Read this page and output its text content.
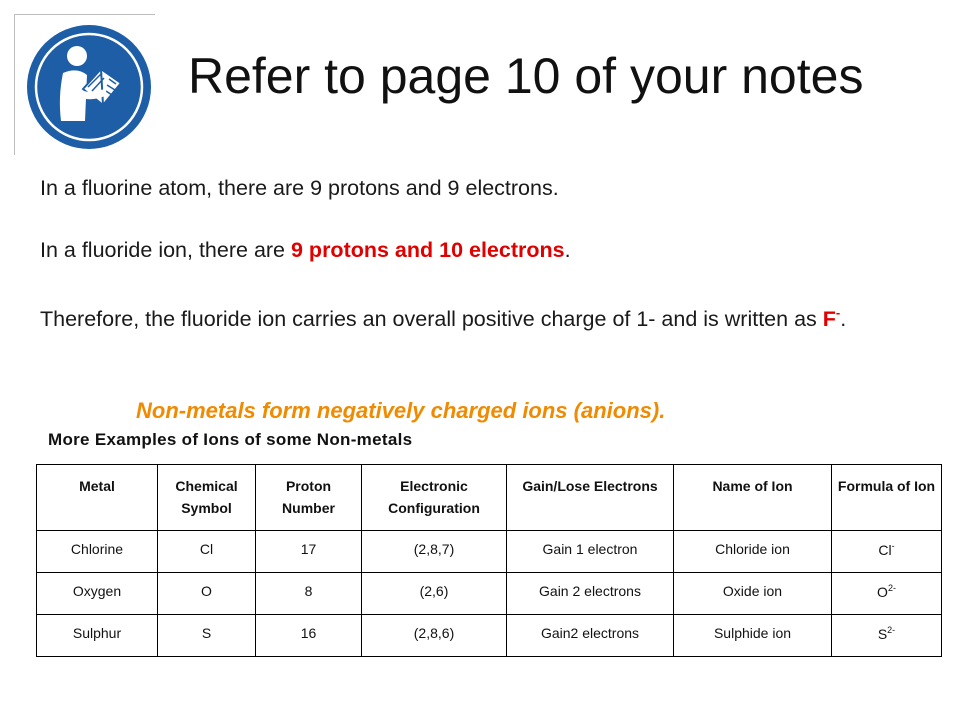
Refer to page 10 of your notes

In a fluorine atom, there are 9 protons and 9 electrons.

In a fluoride ion, there are 9 protons and 10 electrons.

Therefore, the fluoride ion carries an overall positive charge of 1- and is written as F-.

Non-metals form negatively charged ions (anions).

More Examples of Ions of some Non-metals

Metal	Chemical Symbol	Proton Number	Electronic Configuration	Gain/Lose Electrons	Name of Ion	Formula of Ion
Chlorine	Cl	17	(2,8,7)	Gain 1 electron	Chloride ion	Cl-
Oxygen	O	8	(2,6)	Gain 2 electrons	Oxide ion	$O^{2-}$
Sulphur	S	16	(2,8,6)	Gain2 electrons	Sulphide ion	$S^{2-}$
